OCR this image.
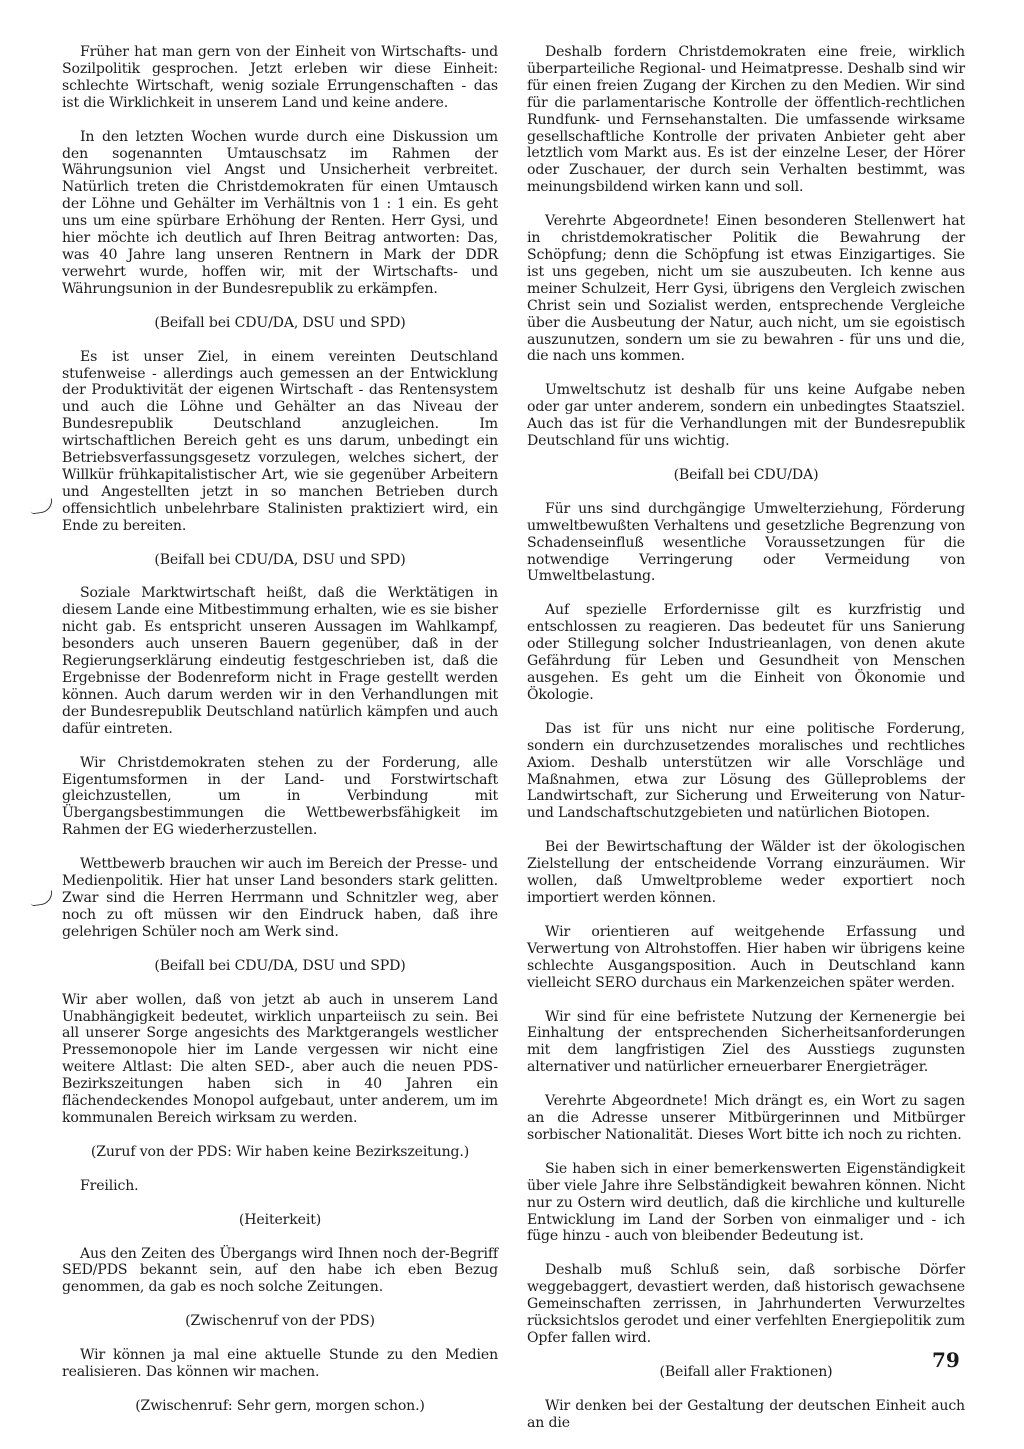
Früher hat man gern von der Einheit von Wirtschafts- und Sozilpolitik gesprochen. Jetzt erleben wir diese Einheit: schlechte Wirtschaft, wenig soziale Errungenschaften - das ist die Wirklichkeit in unserem Land und keine andere.
In den letzten Wochen wurde durch eine Diskussion um den sogenannten Umtauschsatz im Rahmen der Währungsunion viel Angst und Unsicherheit verbreitet. Natürlich treten die Christdemokraten für einen Umtausch der Löhne und Gehälter im Verhältnis von 1 : 1 ein. Es geht uns um eine spürbare Erhöhung der Renten. Herr Gysi, und hier möchte ich deutlich auf Ihren Beitrag antworten: Das, was 40 Jahre lang unseren Rentnern in Mark der DDR verwehrt wurde, hoffen wir, mit der Wirtschafts- und Währungsunion in der Bundesrepublik zu erkämpfen.
(Beifall bei CDU/DA, DSU und SPD)
Es ist unser Ziel, in einem vereinten Deutschland stufenweise - allerdings auch gemessen an der Entwicklung der Produktivität der eigenen Wirtschaft - das Rentensystem und auch die Löhne und Gehälter an das Niveau der Bundesrepublik Deutschland anzugleichen. Im wirtschaftlichen Bereich geht es uns darum, unbedingt ein Betriebsverfassungsgesetz vorzulegen, welches sichert, der Willkür frühkapitalistischer Art, wie sie gegenüber Arbeitern und Angestellten jetzt in so manchen Betrieben durch offensichtlich unbelehrbare Stalinisten praktiziert wird, ein Ende zu bereiten.
(Beifall bei CDU/DA, DSU und SPD)
Soziale Marktwirtschaft heißt, daß die Werktätigen in diesem Lande eine Mitbestimmung erhalten, wie es sie bisher nicht gab. Es entspricht unseren Aussagen im Wahlkampf, besonders auch unseren Bauern gegenüber, daß in der Regierungserklärung eindeutig festgeschrieben ist, daß die Ergebnisse der Bodenreform nicht in Frage gestellt werden können. Auch darum werden wir in den Verhandlungen mit der Bundesrepublik Deutschland natürlich kämpfen und auch dafür eintreten.
Wir Christdemokraten stehen zu der Forderung, alle Eigentumsformen in der Land- und Forstwirtschaft gleichzustellen, um in Verbindung mit Übergangsbestimmungen die Wettbewerbsfähigkeit im Rahmen der EG wiederherzustellen.
Wettbewerb brauchen wir auch im Bereich der Presse- und Medienpolitik. Hier hat unser Land besonders stark gelitten. Zwar sind die Herren Herrmann und Schnitzler weg, aber noch zu oft müssen wir den Eindruck haben, daß ihre gelehrigen Schüler noch am Werk sind.
(Beifall bei CDU/DA, DSU und SPD)
Wir aber wollen, daß von jetzt ab auch in unserem Land Unabhängigkeit bedeutet, wirklich unparteiisch zu sein. Bei all unserer Sorge angesichts des Marktgerangels westlicher Pressemonopole hier im Lande vergessen wir nicht eine weitere Altlast: Die alten SED-, aber auch die neuen PDS-Bezirkszeitungen haben sich in 40 Jahren ein flächendeckendes Monopol aufgebaut, unter anderem, um im kommunalen Bereich wirksam zu werden.
(Zuruf von der PDS: Wir haben keine Bezirkszeitung.)
Freilich.
(Heiterkeit)
Aus den Zeiten des Übergangs wird Ihnen noch der-Begriff SED/PDS bekannt sein, auf den habe ich eben Bezug genommen, da gab es noch solche Zeitungen.
(Zwischenruf von der PDS)
Wir können ja mal eine aktuelle Stunde zu den Medien realisieren. Das können wir machen.
(Zwischenruf: Sehr gern, morgen schon.)
Deshalb fordern Christdemokraten eine freie, wirklich überparteiliche Regional- und Heimatpresse. Deshalb sind wir für einen freien Zugang der Kirchen zu den Medien. Wir sind für die parlamentarische Kontrolle der öffentlich-rechtlichen Rundfunk- und Fernsehanstalten. Die umfassende wirksame gesellschaftliche Kontrolle der privaten Anbieter geht aber letztlich vom Markt aus. Es ist der einzelne Leser, der Hörer oder Zuschauer, der durch sein Verhalten bestimmt, was meinungsbildend wirken kann und soll.
Verehrte Abgeordnete! Einen besonderen Stellenwert hat in christdemokratischer Politik die Bewahrung der Schöpfung; denn die Schöpfung ist etwas Einzigartiges. Sie ist uns gegeben, nicht um sie auszubeuten. Ich kenne aus meiner Schulzeit, Herr Gysi, übrigens den Vergleich zwischen Christ sein und Sozialist werden, entsprechende Vergleiche über die Ausbeutung der Natur, auch nicht, um sie egoistisch auszunutzen, sondern um sie zu bewahren - für uns und die, die nach uns kommen.
Umweltschutz ist deshalb für uns keine Aufgabe neben oder gar unter anderem, sondern ein unbedingtes Staatsziel. Auch das ist für die Verhandlungen mit der Bundesrepublik Deutschland für uns wichtig.
(Beifall bei CDU/DA)
Für uns sind durchgängige Umwelterziehung, Förderung umweltbewußten Verhaltens und gesetzliche Begrenzung von Schadenseinfluß wesentliche Voraussetzungen für die notwendige Verringerung oder Vermeidung von Umweltbelastung.
Auf spezielle Erfordernisse gilt es kurzfristig und entschlossen zu reagieren. Das bedeutet für uns Sanierung oder Stillegung solcher Industrieanlagen, von denen akute Gefährdung für Leben und Gesundheit von Menschen ausgehen. Es geht um die Einheit von Ökonomie und Ökologie.
Das ist für uns nicht nur eine politische Forderung, sondern ein durchzusetzendes moralisches und rechtliches Axiom. Deshalb unterstützen wir alle Vorschläge und Maßnahmen, etwa zur Lösung des Gülleproblems der Landwirtschaft, zur Sicherung und Erweiterung von Natur- und Landschaftschutzgebieten und natürlichen Biotopen.
Bei der Bewirtschaftung der Wälder ist der ökologischen Zielstellung der entscheidende Vorrang einzuräumen. Wir wollen, daß Umweltprobleme weder exportiert noch importiert werden können.
Wir orientieren auf weitgehende Erfassung und Verwertung von Altrohstoffen. Hier haben wir übrigens keine schlechte Ausgangsposition. Auch in Deutschland kann vielleicht SERO durchaus ein Markenzeichen später werden.
Wir sind für eine befristete Nutzung der Kernenergie bei Einhaltung der entsprechenden Sicherheitsanforderungen mit dem langfristigen Ziel des Ausstiegs zugunsten alternativer und natürlicher erneuerbarer Energieträger.
Verehrte Abgeordnete! Mich drängt es, ein Wort zu sagen an die Adresse unserer Mitbürgerinnen und Mitbürger sorbischer Nationalität. Dieses Wort bitte ich noch zu richten.
Sie haben sich in einer bemerkenswerten Eigenständigkeit über viele Jahre ihre Selbständigkeit bewahren können. Nicht nur zu Ostern wird deutlich, daß die kirchliche und kulturelle Entwicklung im Land der Sorben von einmaliger und - ich füge hinzu - auch von bleibender Bedeutung ist.
Deshalb muß Schluß sein, daß sorbische Dörfer weggebaggert, devastiert werden, daß historisch gewachsene Gemeinschaften zerrissen, in Jahrhunderten Verwurzeltes rücksichtslos gerodet und einer verfehlten Energiepolitik zum Opfer fallen wird.
(Beifall aller Fraktionen)
Wir denken bei der Gestaltung der deutschen Einheit auch an die
79
